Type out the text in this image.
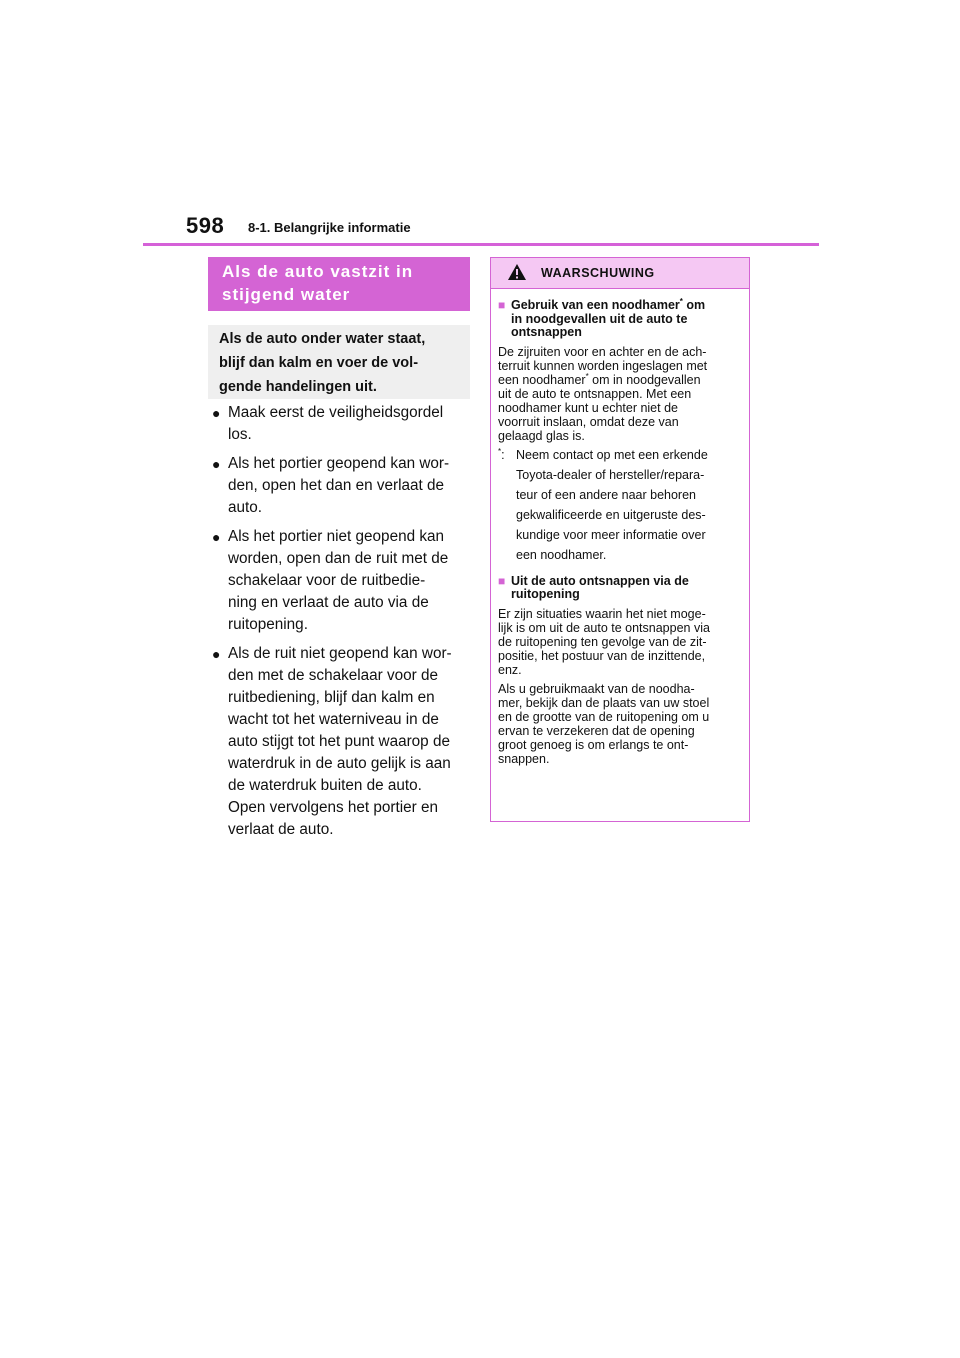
598 8-1. Belangrijke informatie
Als de auto vastzit in
stijgend water
Als de auto onder water staat,
blijf dan kalm en voer de vol-
gende handelingen uit.
● Maak eerst de veiligheidsgordel
los.
● Als het portier geopend kan wor-
den, open het dan en verlaat de
auto.
● Als het portier niet geopend kan
worden, open dan de ruit met de
schakelaar voor de ruitbedie-
ning en verlaat de auto via de
ruitopening.
● Als de ruit niet geopend kan wor-
den met de schakelaar voor de
ruitbediening, blijf dan kalm en
wacht tot het waterniveau in de
auto stijgt tot het punt waarop de
waterdruk in de auto gelijk is aan
de waterdruk buiten de auto.
Open vervolgens het portier en
verlaat de auto.
WAARSCHUWING
■ Gebruik van een noodhamer* om
in noodgevallen uit de auto te
ontsnappen
De zijruiten voor en achter en de ach-
terruit kunnen worden ingeslagen met
een noodhamer* om in noodgevallen
uit de auto te ontsnappen. Met een
noodhamer kunt u echter niet de
voorruit inslaan, omdat deze van
gelaagd glas is.
*: Neem contact op met een erkende
Toyota-dealer of hersteller/repara-
teur of een andere naar behoren
gekwalificeerde en uitgeruste des-
kundige voor meer informatie over
een noodhamer.
■ Uit de auto ontsnappen via de
ruitopening
Er zijn situaties waarin het niet moge-
lijk is om uit de auto te ontsnappen via
de ruitopening ten gevolge van de zit-
positie, het postuur van de inzittende,
enz.
Als u gebruikmaakt van de noodha-
mer, bekijk dan de plaats van uw stoel
en de grootte van de ruitopening om u
ervan te verzekeren dat de opening
groot genoeg is om erlangs te ont-
snappen.
